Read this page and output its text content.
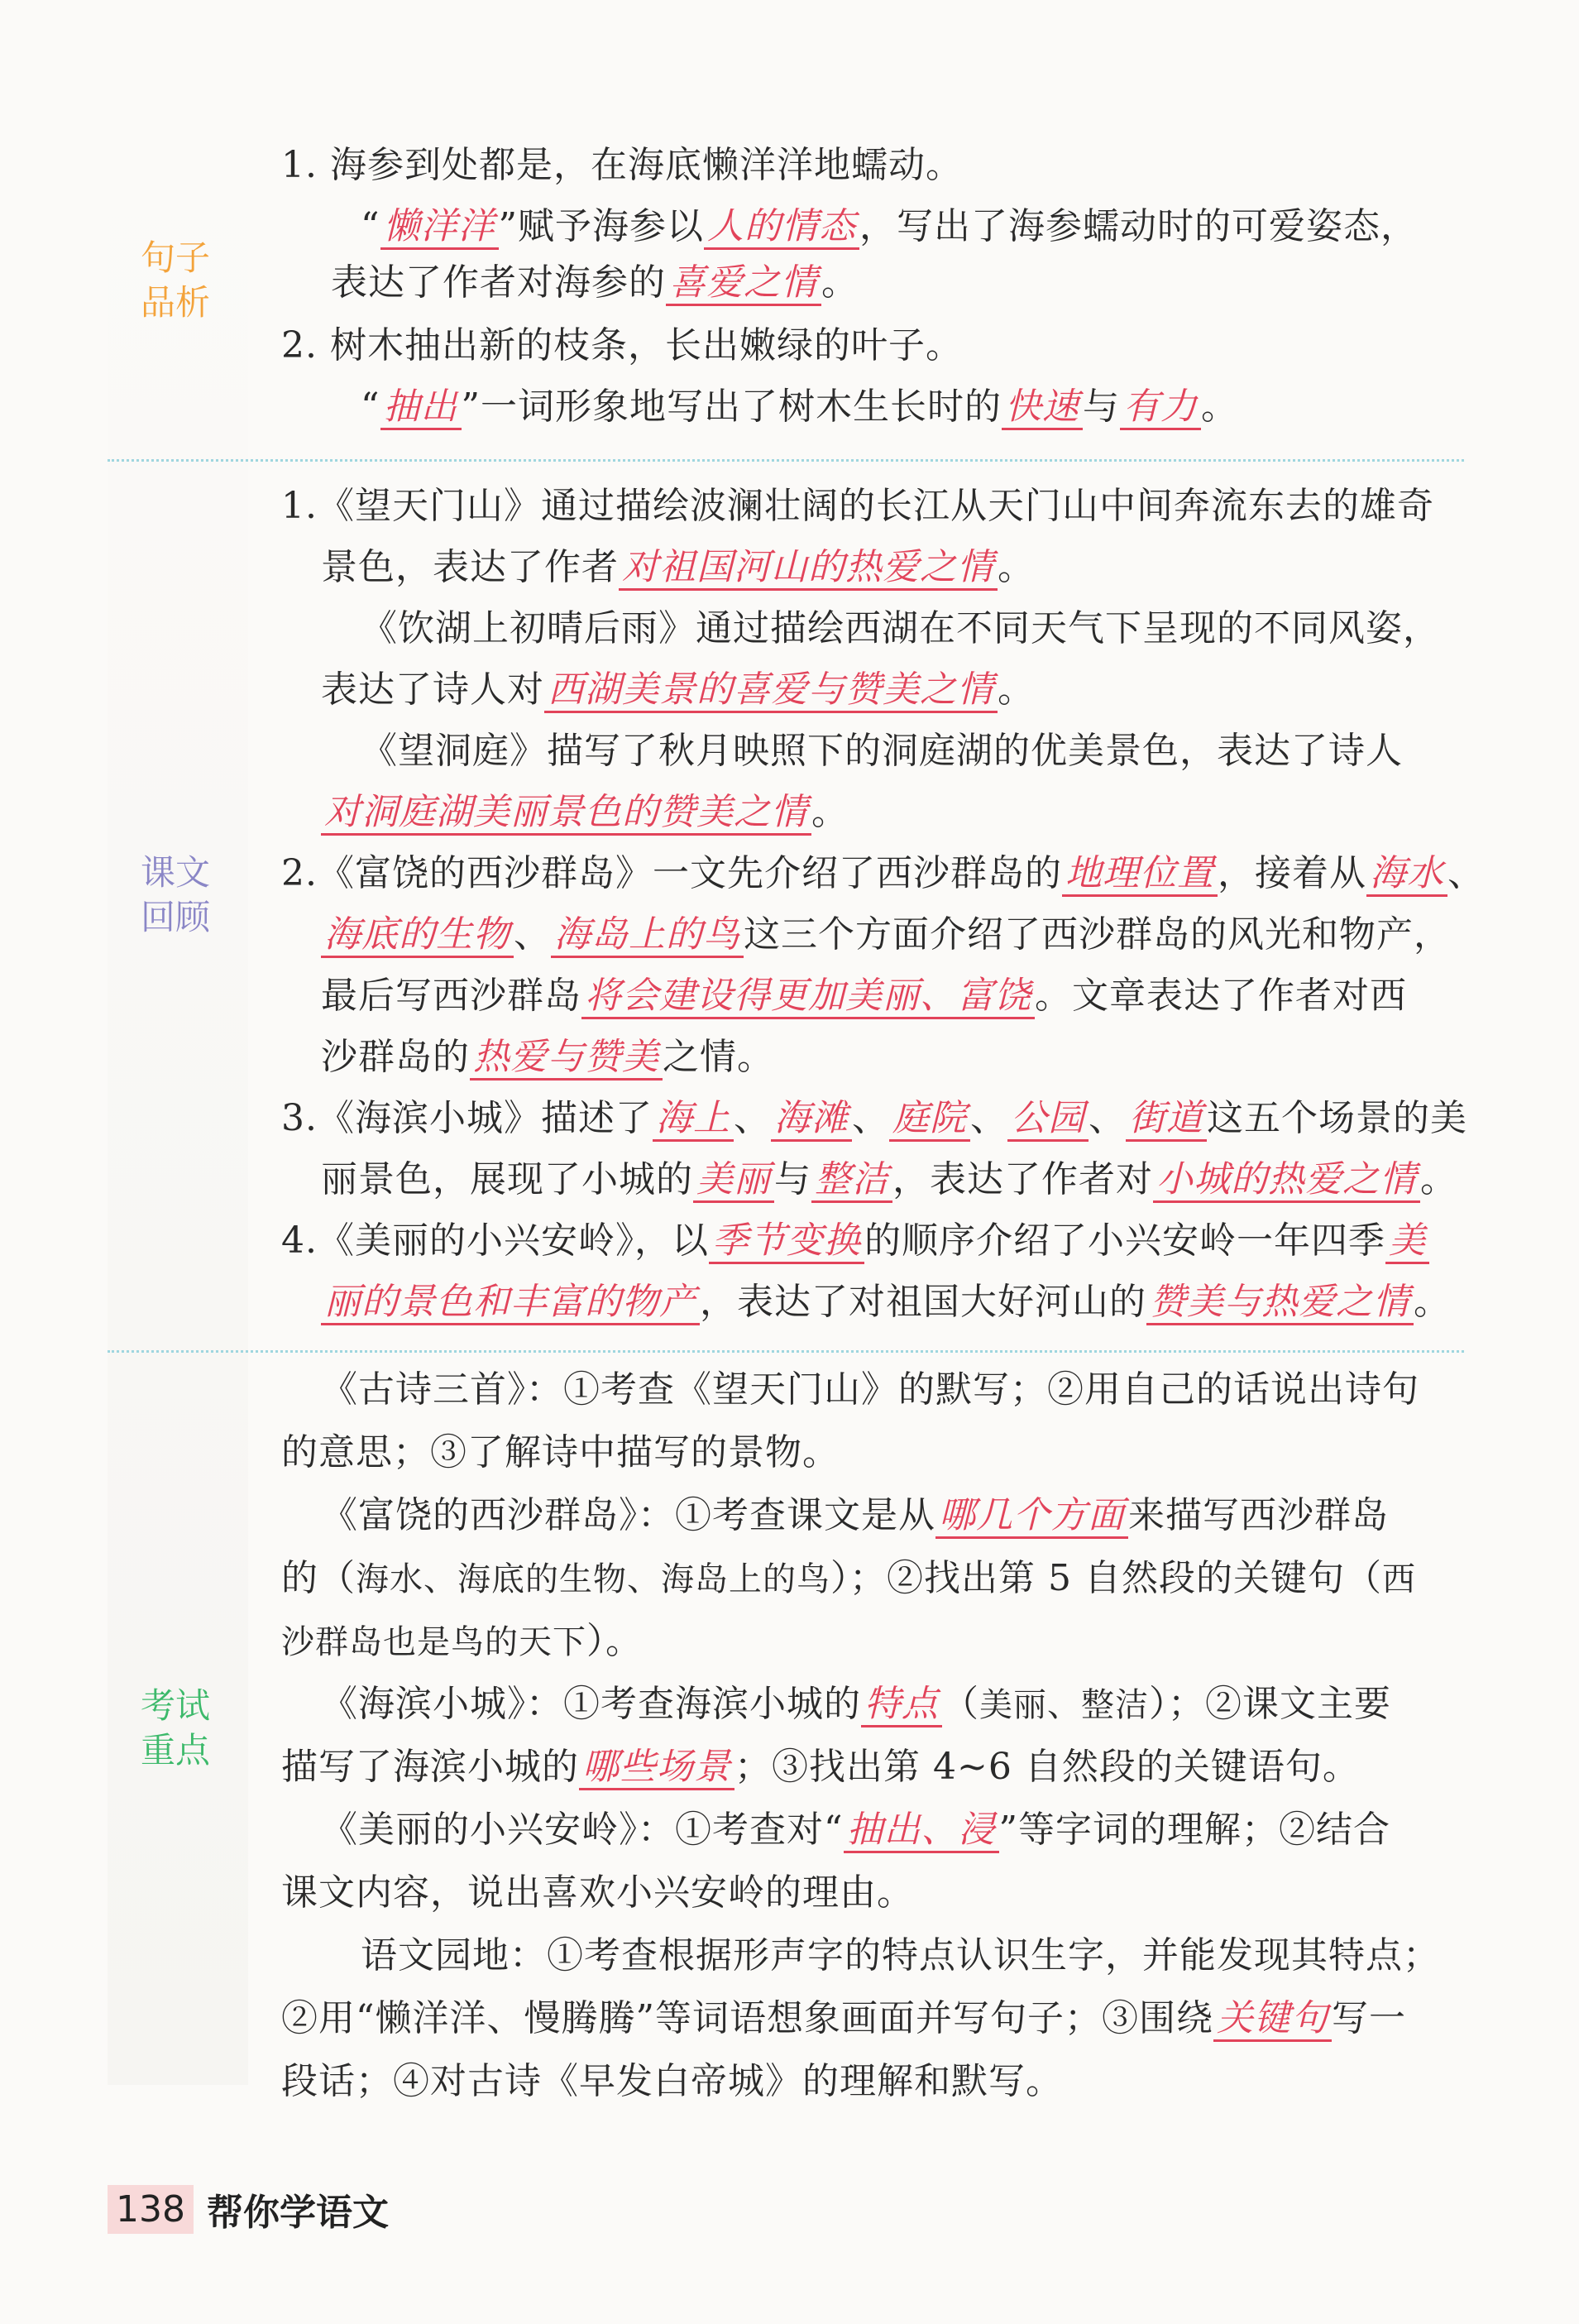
句子
品析
课文
回顾
考试
重点
1. 海参到处都是，在海底懒洋洋地蠕动。
“懒洋洋”赋予海参以人的情态，写出了海参蠕动时的可爱姿态，
表达了作者对海参的喜爱之情。
2. 树木抽出新的枝条，长出嫩绿的叶子。
“抽出”一词形象地写出了树木生长时的快速与有力。
1.《望天门山》通过描绘波澜壮阔的长江从天门山中间奔流东去的雄奇
景色，表达了作者对祖国河山的热爱之情。
《饮湖上初晴后雨》通过描绘西湖在不同天气下呈现的不同风姿，
表达了诗人对西湖美景的喜爱与赞美之情。
《望洞庭》描写了秋月映照下的洞庭湖的优美景色，表达了诗人
对洞庭湖美丽景色的赞美之情。
2.《富饶的西沙群岛》一文先介绍了西沙群岛的地理位置，接着从海水、
海底的生物、海岛上的鸟这三个方面介绍了西沙群岛的风光和物产，
最后写西沙群岛将会建设得更加美丽、富饶。文章表达了作者对西
沙群岛的热爱与赞美之情。
3.《海滨小城》描述了海上、海滩、庭院、公园、街道这五个场景的美
丽景色，展现了小城的美丽与整洁，表达了作者对小城的热爱之情。
4.《美丽的小兴安岭》，以季节变换的顺序介绍了小兴安岭一年四季美
丽的景色和丰富的物产，表达了对祖国大好河山的赞美与热爱之情。
《古诗三首》：①考查《望天门山》的默写；②用自己的话说出诗句
的意思；③了解诗中描写的景物。
《富饶的西沙群岛》：①考查课文是从哪几个方面来描写西沙群岛
的（海水、海底的生物、海岛上的鸟）；②找出第 5 自然段的关键句（西
沙群岛也是鸟的天下）。
《海滨小城》：①考查海滨小城的特点（美丽、整洁）；②课文主要
描写了海滨小城的哪些场景；③找出第 4~6 自然段的关键语句。
《美丽的小兴安岭》：①考查对“抽出、浸”等字词的理解；②结合
课文内容，说出喜欢小兴安岭的理由。
语文园地：①考查根据形声字的特点认识生字，并能发现其特点；
②用“懒洋洋、慢腾腾”等词语想象画面并写句子；③围绕关键句写一
段话；④对古诗《早发白帝城》的理解和默写。
138 帮你学语文
